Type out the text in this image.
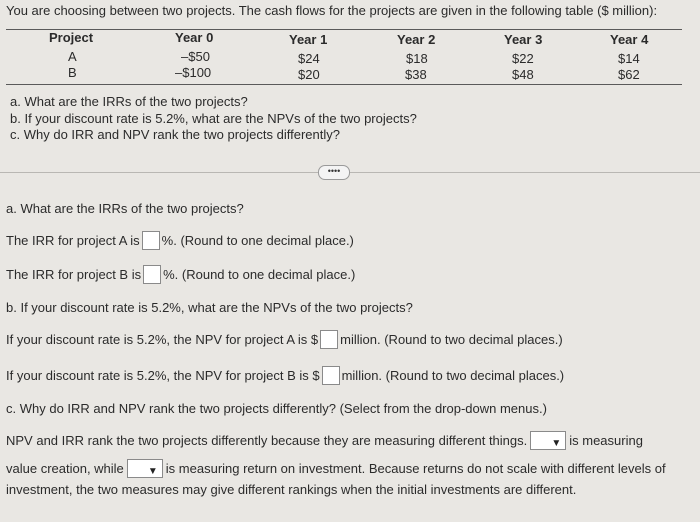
You are choosing between two projects. The cash flows for the projects are given in the following table ($ million):
Project	Year 0	Year 1	Year 2	Year 3	Year 4
A	–$50	$24	$18	$22	$14
B	–$100	$20	$38	$48	$62
a. What are the IRRs of the two projects?
b. If your discount rate is 5.2%, what are the NPVs of the two projects?
c. Why do IRR and NPV rank the two projects differently?
••••
a. What are the IRRs of the two projects?
The IRR for project A is %. (Round to one decimal place.)
The IRR for project B is %. (Round to one decimal place.)
b. If your discount rate is 5.2%, what are the NPVs of the two projects?
If your discount rate is 5.2%, the NPV for project A is $ million. (Round to two decimal places.)
If your discount rate is 5.2%, the NPV for project B is $ million. (Round to two decimal places.)
c. Why do IRR and NPV rank the two projects differently? (Select from the drop-down menus.)
NPV and IRR rank the two projects differently because they are measuring different things. ▼ is measuring
value creation, while ▼ is measuring return on investment. Because returns do not scale with different levels of
investment, the two measures may give different rankings when the initial investments are different.
